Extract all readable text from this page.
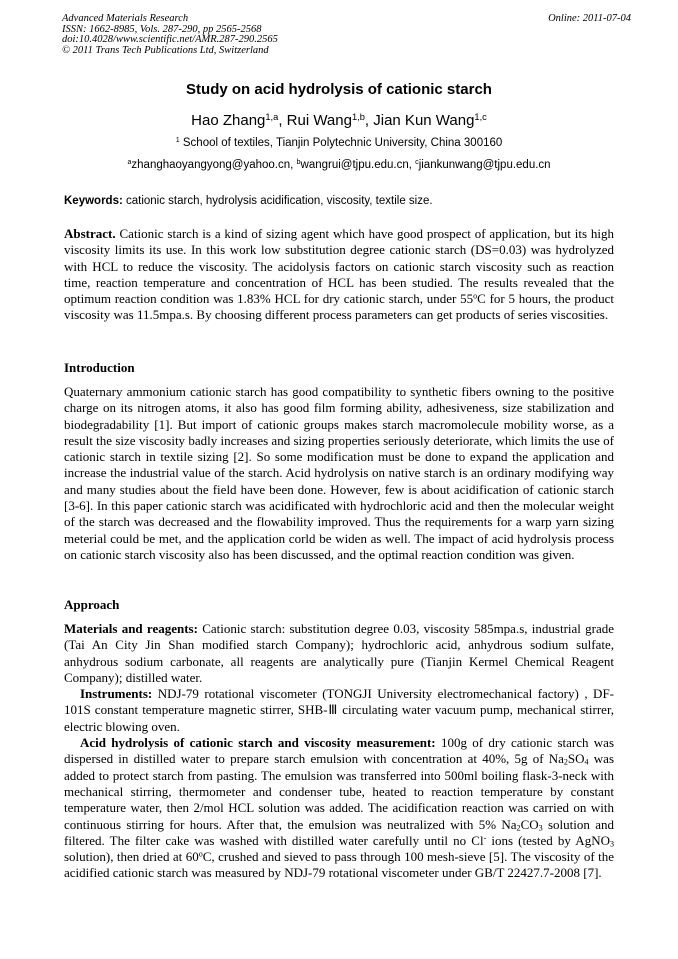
Advanced Materials Research
ISSN: 1662-8985, Vols. 287-290, pp 2565-2568
doi:10.4028/www.scientific.net/AMR.287-290.2565
© 2011 Trans Tech Publications Ltd, Switzerland
Online: 2011-07-04
Study on acid hydrolysis of cationic starch
Hao Zhang$^{1,a}$, Rui Wang$^{1,b}$, Jian Kun Wang$^{1,c}$
$^1$ School of textiles, Tianjin Polytechnic University, China 300160
$^a$zhanghaoyangyong@yahoo.cn, $^b$wangrui@tjpu.edu.cn, $^c$jiankunwang@tjpu.edu.cn
Keywords: cationic starch, hydrolysis acidification, viscosity, textile size.

Abstract. Cationic starch is a kind of sizing agent which have good prospect of application, but its high viscosity limits its use. In this work low substitution degree cationic starch (DS=0.03) was hydrolyzed with HCL to reduce the viscosity. The acidolysis factors on cationic starch viscosity such as reaction time, reaction temperature and concentration of HCL has been studied. The results revealed that the optimum reaction condition was 1.83% HCL for dry cationic starch, under 55$^o$C for 5 hours, the product viscosity was 11.5mpa.s. By choosing different process parameters can get products of series viscosities.

Introduction

Quaternary ammonium cationic starch has good compatibility to synthetic fibers owning to the positive charge on its nitrogen atoms, it also has good film forming ability, adhesiveness, size stabilization and biodegradability [1]. But import of cationic groups makes starch macromolecule mobility worse, as a result the size viscosity badly increases and sizing properties seriously deteriorate, which limits the use of cationic starch in textile sizing [2]. So some modification must be done to expand the application and increase the industrial value of the starch. Acid hydrolysis on native starch is an ordinary modifying way and many studies about the field have been done. However, few is about acidification of cationic starch [3-6]. In this paper cationic starch was acidificated with hydrochloric acid and then the molecular weight of the starch was decreased and the flowability improved. Thus the requirements for a warp yarn sizing meterial could be met, and the application corld be widen as well. The impact of acid hydrolysis process on cationic starch viscosity also has been discussed, and the optimal reaction condition was given.

Approach

Materials and reagents: Cationic starch: substitution degree 0.03, viscosity 585mpa.s, industrial grade (Tai An City Jin Shan modified starch Company); hydrochloric acid, anhydrous sodium sulfate, anhydrous sodium carbonate, all reagents are analytically pure (Tianjin Kermel Chemical Reagent Company); distilled water.

Instruments: NDJ-79 rotational viscometer (TONGJI University electromechanical factory) , DF-101S constant temperature magnetic stirrer, SHB-Ⅲ circulating water vacuum pump, mechanical stirrer, electric blowing oven.

Acid hydrolysis of cationic starch and viscosity measurement: 100g of dry cationic starch was dispersed in distilled water to prepare starch emulsion with concentration at 40%, 5g of $Na_2SO_4$ was added to protect starch from pasting. The emulsion was transferred into 500ml boiling flask-3-neck with mechanical stirring, thermometer and condenser tube, heated to reaction temperature by constant temperature water, then 2/mol HCL solution was added. The acidification reaction was carried on with continuous stirring for hours. After that, the emulsion was neutralized with 5% $Na_2CO_3$ solution and filtered. The filter cake was washed with distilled water carefully until no Cl- ions (tested by AgNO$_3$ solution), then dried at 60$^o$C, crushed and sieved to pass through 100 mesh-sieve [5]. The viscosity of the acidified cationic starch was measured by NDJ-79 rotational viscometer under GB/T 22427.7-2008 [7].
